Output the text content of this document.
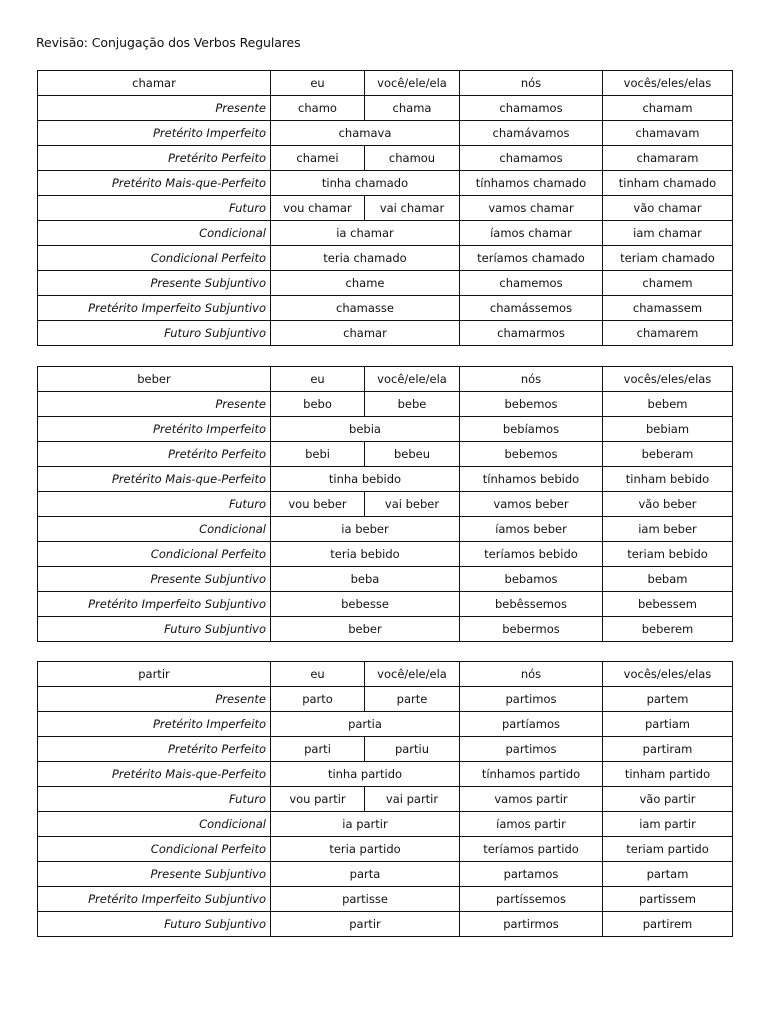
Revisão: Conjugação dos Verbos Regulares
chamar	eu	você/ele/ela	nós	vocês/eles/elas
Presente	chamo	chama	chamamos	chamam
Pretérito Imperfeito	chamava		chamávamos	chamavam
Pretérito Perfeito	chamei	chamou	chamamos	chamaram
Pretérito Mais-que-Perfeito	tinha chamado		tínhamos chamado	tinham chamado
Futuro	vou chamar	vai chamar	vamos chamar	vão chamar
Condicional	ia chamar		íamos chamar	iam chamar
Condicional Perfeito	teria chamado		teríamos chamado	teriam chamado
Presente Subjuntivo	chame		chamemos	chamem
Pretérito Imperfeito Subjuntivo	chamasse		chamássemos	chamassem
Futuro Subjuntivo	chamar		chamarmos	chamarem
beber	eu	você/ele/ela	nós	vocês/eles/elas
Presente	bebo	bebe	bebemos	bebem
Pretérito Imperfeito	bebia		bebíamos	bebiam
Pretérito Perfeito	bebi	bebeu	bebemos	beberam
Pretérito Mais-que-Perfeito	tinha bebido		tínhamos bebido	tinham bebido
Futuro	vou beber	vai beber	vamos beber	vão beber
Condicional	ia beber		íamos beber	iam beber
Condicional Perfeito	teria bebido		teríamos bebido	teriam bebido
Presente Subjuntivo	beba		bebamos	bebam
Pretérito Imperfeito Subjuntivo	bebesse		bebêssemos	bebessem
Futuro Subjuntivo	beber		bebermos	beberem
partir	eu	você/ele/ela	nós	vocês/eles/elas
Presente	parto	parte	partimos	partem
Pretérito Imperfeito	partia		partíamos	partiam
Pretérito Perfeito	parti	partiu	partimos	partiram
Pretérito Mais-que-Perfeito	tinha partido		tínhamos partido	tinham partido
Futuro	vou partir	vai partir	vamos partir	vão partir
Condicional	ia partir		íamos partir	iam partir
Condicional Perfeito	teria partido		teríamos partido	teriam partido
Presente Subjuntivo	parta		partamos	partam
Pretérito Imperfeito Subjuntivo	partisse		partíssemos	partissem
Futuro Subjuntivo	partir		partirmos	partirem
